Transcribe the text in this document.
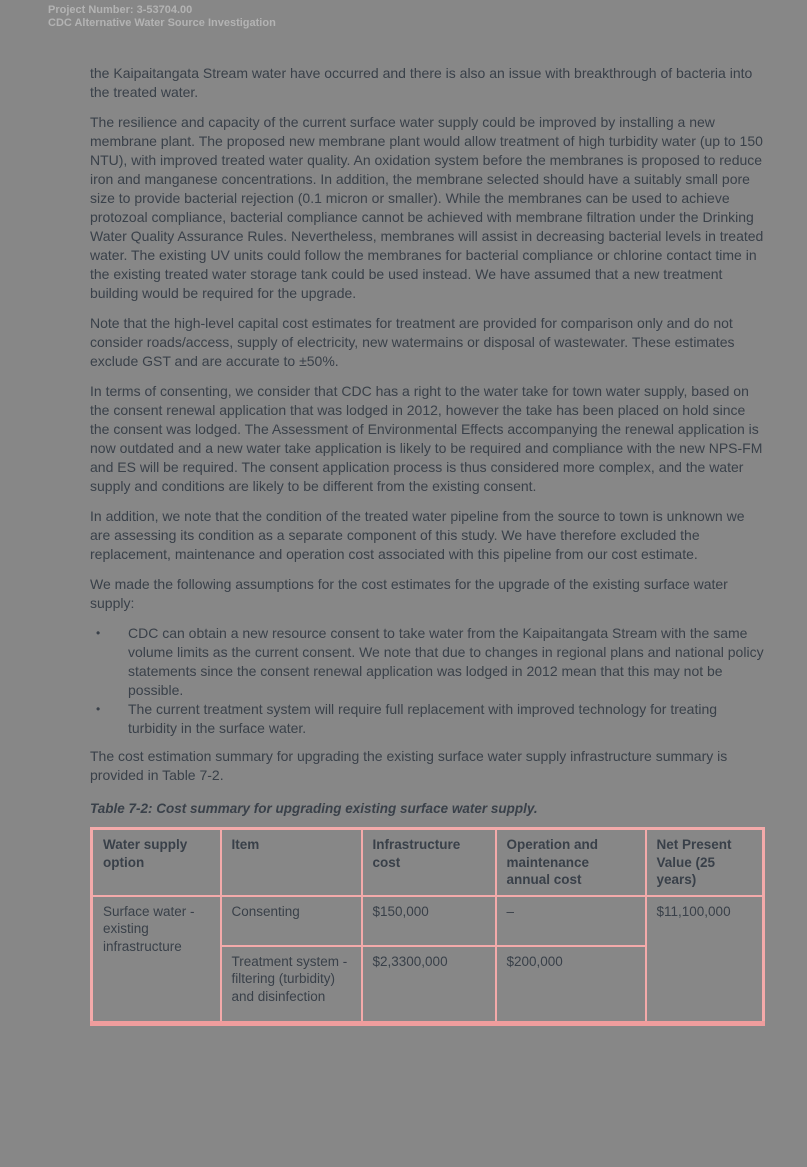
Project Number: 3-53704.00
CDC Alternative Water Source Investigation

the Kaipaitangata Stream water have occurred and there is also an issue with breakthrough of bacteria into the treated water.

The resilience and capacity of the current surface water supply could be improved by installing a new membrane plant. The proposed new membrane plant would allow treatment of high turbidity water (up to 150 NTU), with improved treated water quality. An oxidation system before the membranes is proposed to reduce iron and manganese concentrations. In addition, the membrane selected should have a suitably small pore size to provide bacterial rejection (0.1 micron or smaller). While the membranes can be used to achieve protozoal compliance, bacterial compliance cannot be achieved with membrane filtration under the Drinking Water Quality Assurance Rules. Nevertheless, membranes will assist in decreasing bacterial levels in treated water. The existing UV units could follow the membranes for bacterial compliance or chlorine contact time in the existing treated water storage tank could be used instead. We have assumed that a new treatment building would be required for the upgrade.

Note that the high-level capital cost estimates for treatment are provided for comparison only and do not consider roads/access, supply of electricity, new watermains or disposal of wastewater. These estimates exclude GST and are accurate to ±50%.

In terms of consenting, we consider that CDC has a right to the water take for town water supply, based on the consent renewal application that was lodged in 2012, however the take has been placed on hold since the consent was lodged. The Assessment of Environmental Effects accompanying the renewal application is now outdated and a new water take application is likely to be required and compliance with the new NPS-FM and ES will be required. The consent application process is thus considered more complex, and the water supply and conditions are likely to be different from the existing consent.

In addition, we note that the condition of the treated water pipeline from the source to town is unknown we are assessing its condition as a separate component of this study. We have therefore excluded the replacement, maintenance and operation cost associated with this pipeline from our cost estimate.

We made the following assumptions for the cost estimates for the upgrade of the existing surface water supply:

•	CDC can obtain a new resource consent to take water from the Kaipaitangata Stream with the same volume limits as the current consent. We note that due to changes in regional plans and national policy statements since the consent renewal application was lodged in 2012 mean that this may not be possible.
•	The current treatment system will require full replacement with improved technology for treating turbidity in the surface water.

The cost estimation summary for upgrading the existing surface water supply infrastructure summary is provided in Table 7-2.

Table 7-2: Cost summary for upgrading existing surface water supply.
Water supply option	Item	Infrastructure cost	Operation and maintenance annual cost	Net Present Value (25 years)
Surface water - existing infrastructure	Consenting	$150,000	–	$11,100,000
	Treatment system - filtering (turbidity) and disinfection	$2,3300,000	$200,000	
